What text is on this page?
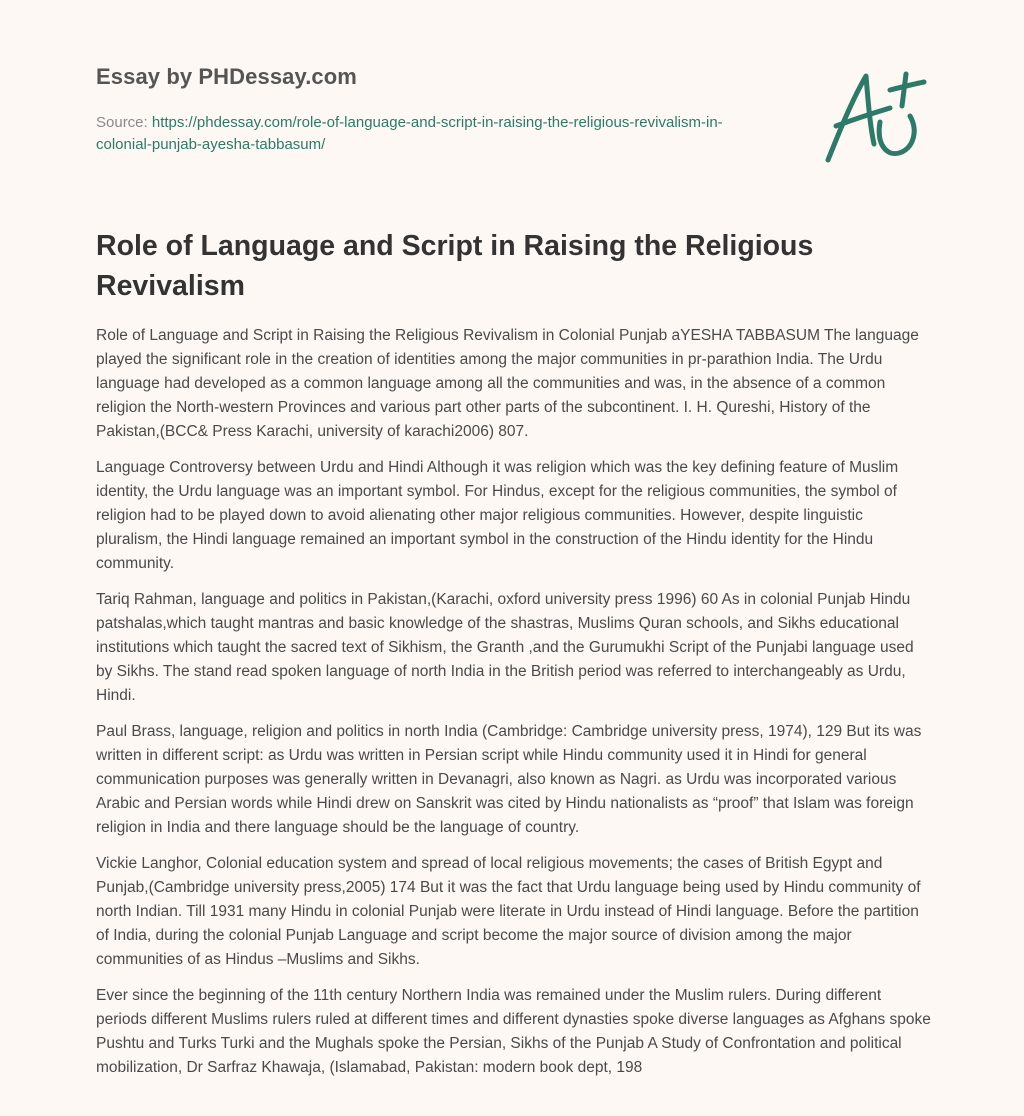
Essay by PHDessay.com
Source: https://phdessay.com/role-of-language-and-script-in-raising-the-religious-revivalism-in-colonial-punjab-ayesha-tabbasum/
Role of Language and Script in Raising the Religious Revivalism

Role of Language and Script in Raising the Religious Revivalism in Colonial Punjab aYESHA TABBASUM The language played the significant role in the creation of identities among the major communities in pr-parathion India. The Urdu language had developed as a common language among all the communities and was, in the absence of a common religion the North-western Provinces and various part other parts of the subcontinent. I. H. Qureshi, History of the Pakistan,(BCC& Press Karachi, university of karachi2006) 807.

Language Controversy between Urdu and Hindi Although it was religion which was the key defining feature of Muslim identity, the Urdu language was an important symbol. For Hindus, except for the religious communities, the symbol of religion had to be played down to avoid alienating other major religious communities. However, despite linguistic pluralism, the Hindi language remained an important symbol in the construction of the Hindu identity for the Hindu community.

Tariq Rahman, language and politics in Pakistan,(Karachi, oxford university press 1996) 60 As in colonial Punjab Hindu patshalas,which taught mantras and basic knowledge of the shastras, Muslims Quran schools, and Sikhs educational institutions which taught the sacred text of Sikhism, the Granth ,and the Gurumukhi Script of the Punjabi language used by Sikhs. The stand read spoken language of north India in the British period was referred to interchangeably as Urdu, Hindi.

Paul Brass, language, religion and politics in north India (Cambridge: Cambridge university press, 1974), 129 But its was written in different script: as Urdu was written in Persian script while Hindu community used it in Hindi for general communication purposes was generally written in Devanagri, also known as Nagri. as Urdu was incorporated various Arabic and Persian words while Hindi drew on Sanskrit was cited by Hindu nationalists as “proof” that Islam was foreign religion in India and there language should be the language of country.

Vickie Langhor, Colonial education system and spread of local religious movements; the cases of British Egypt and Punjab,(Cambridge university press,2005) 174 But it was the fact that Urdu language being used by Hindu community of north Indian. Till 1931 many Hindu in colonial Punjab were literate in Urdu instead of Hindi language. Before the partition of India, during the colonial Punjab Language and script become the major source of division among the major communities of as Hindus –Muslims and Sikhs.

Ever since the beginning of the 11th century Northern India was remained under the Muslim rulers. During different periods different Muslims rulers ruled at different times and different dynasties spoke diverse languages as Afghans spoke Pushtu and Turks Turki and the Mughals spoke the Persian, Sikhs of the Punjab A Study of Confrontation and political mobilization, Dr Sarfraz Khawaja, (Islamabad, Pakistan: modern book dept, 198
